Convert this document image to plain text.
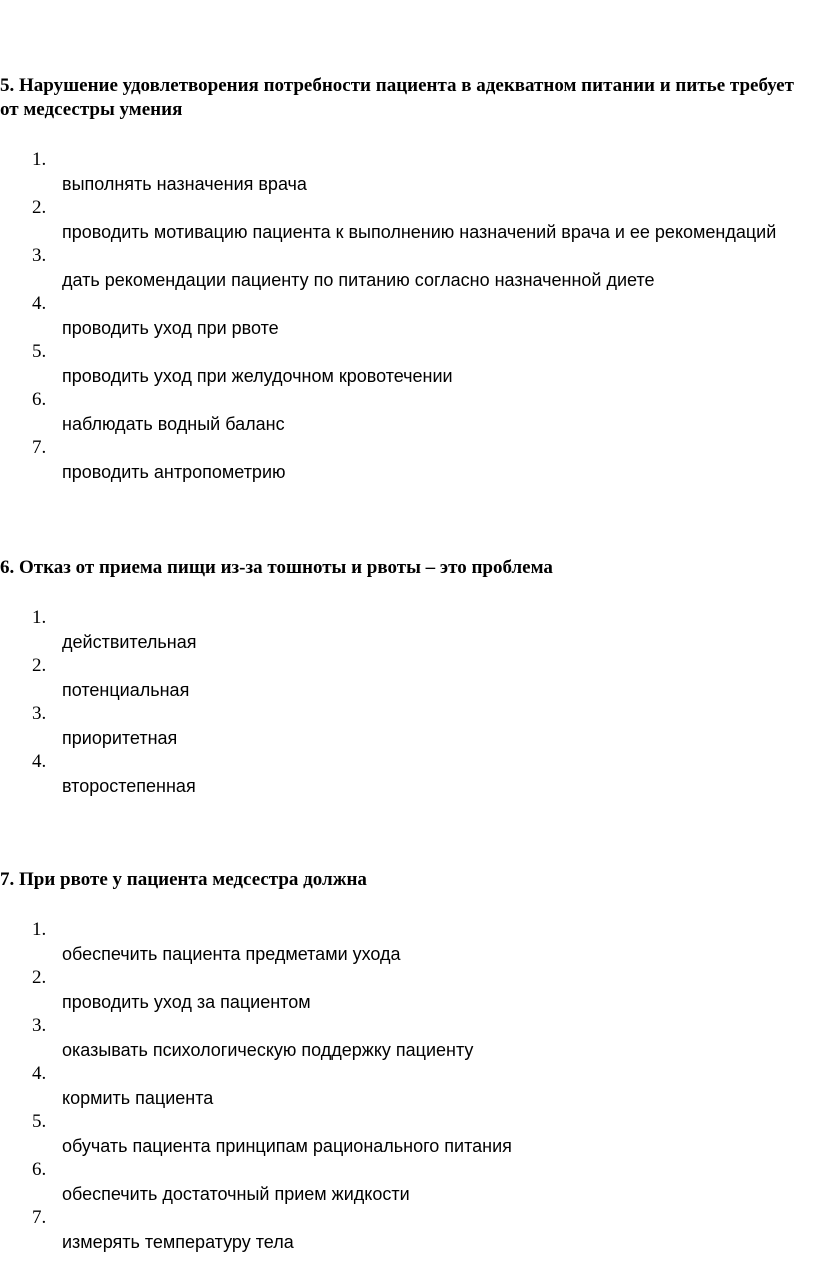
5. Нарушение удовлетворения потребности пациента в адекватном питании и питье требует от медсестры умения

1.
выполнять назначения врача
2.
проводить мотивацию пациента к выполнению назначений врача и ее рекомендаций
3.
дать рекомендации пациенту по питанию согласно назначенной диете
4.
проводить уход при рвоте
5.
проводить уход при желудочном кровотечении
6.
наблюдать водный баланс
7.
проводить антропометрию

6. Отказ от приема пищи из-за тошноты и рвоты – это проблема

1.
действительная
2.
потенциальная
3.
приоритетная
4.
второстепенная

7. При рвоте у пациента медсестра должна

1.
обеспечить пациента предметами ухода
2.
проводить уход за пациентом
3.
оказывать психологическую поддержку пациенту
4.
кормить пациента
5.
обучать пациента принципам рационального питания
6.
обеспечить достаточный прием жидкости
7.
измерять температуру тела
